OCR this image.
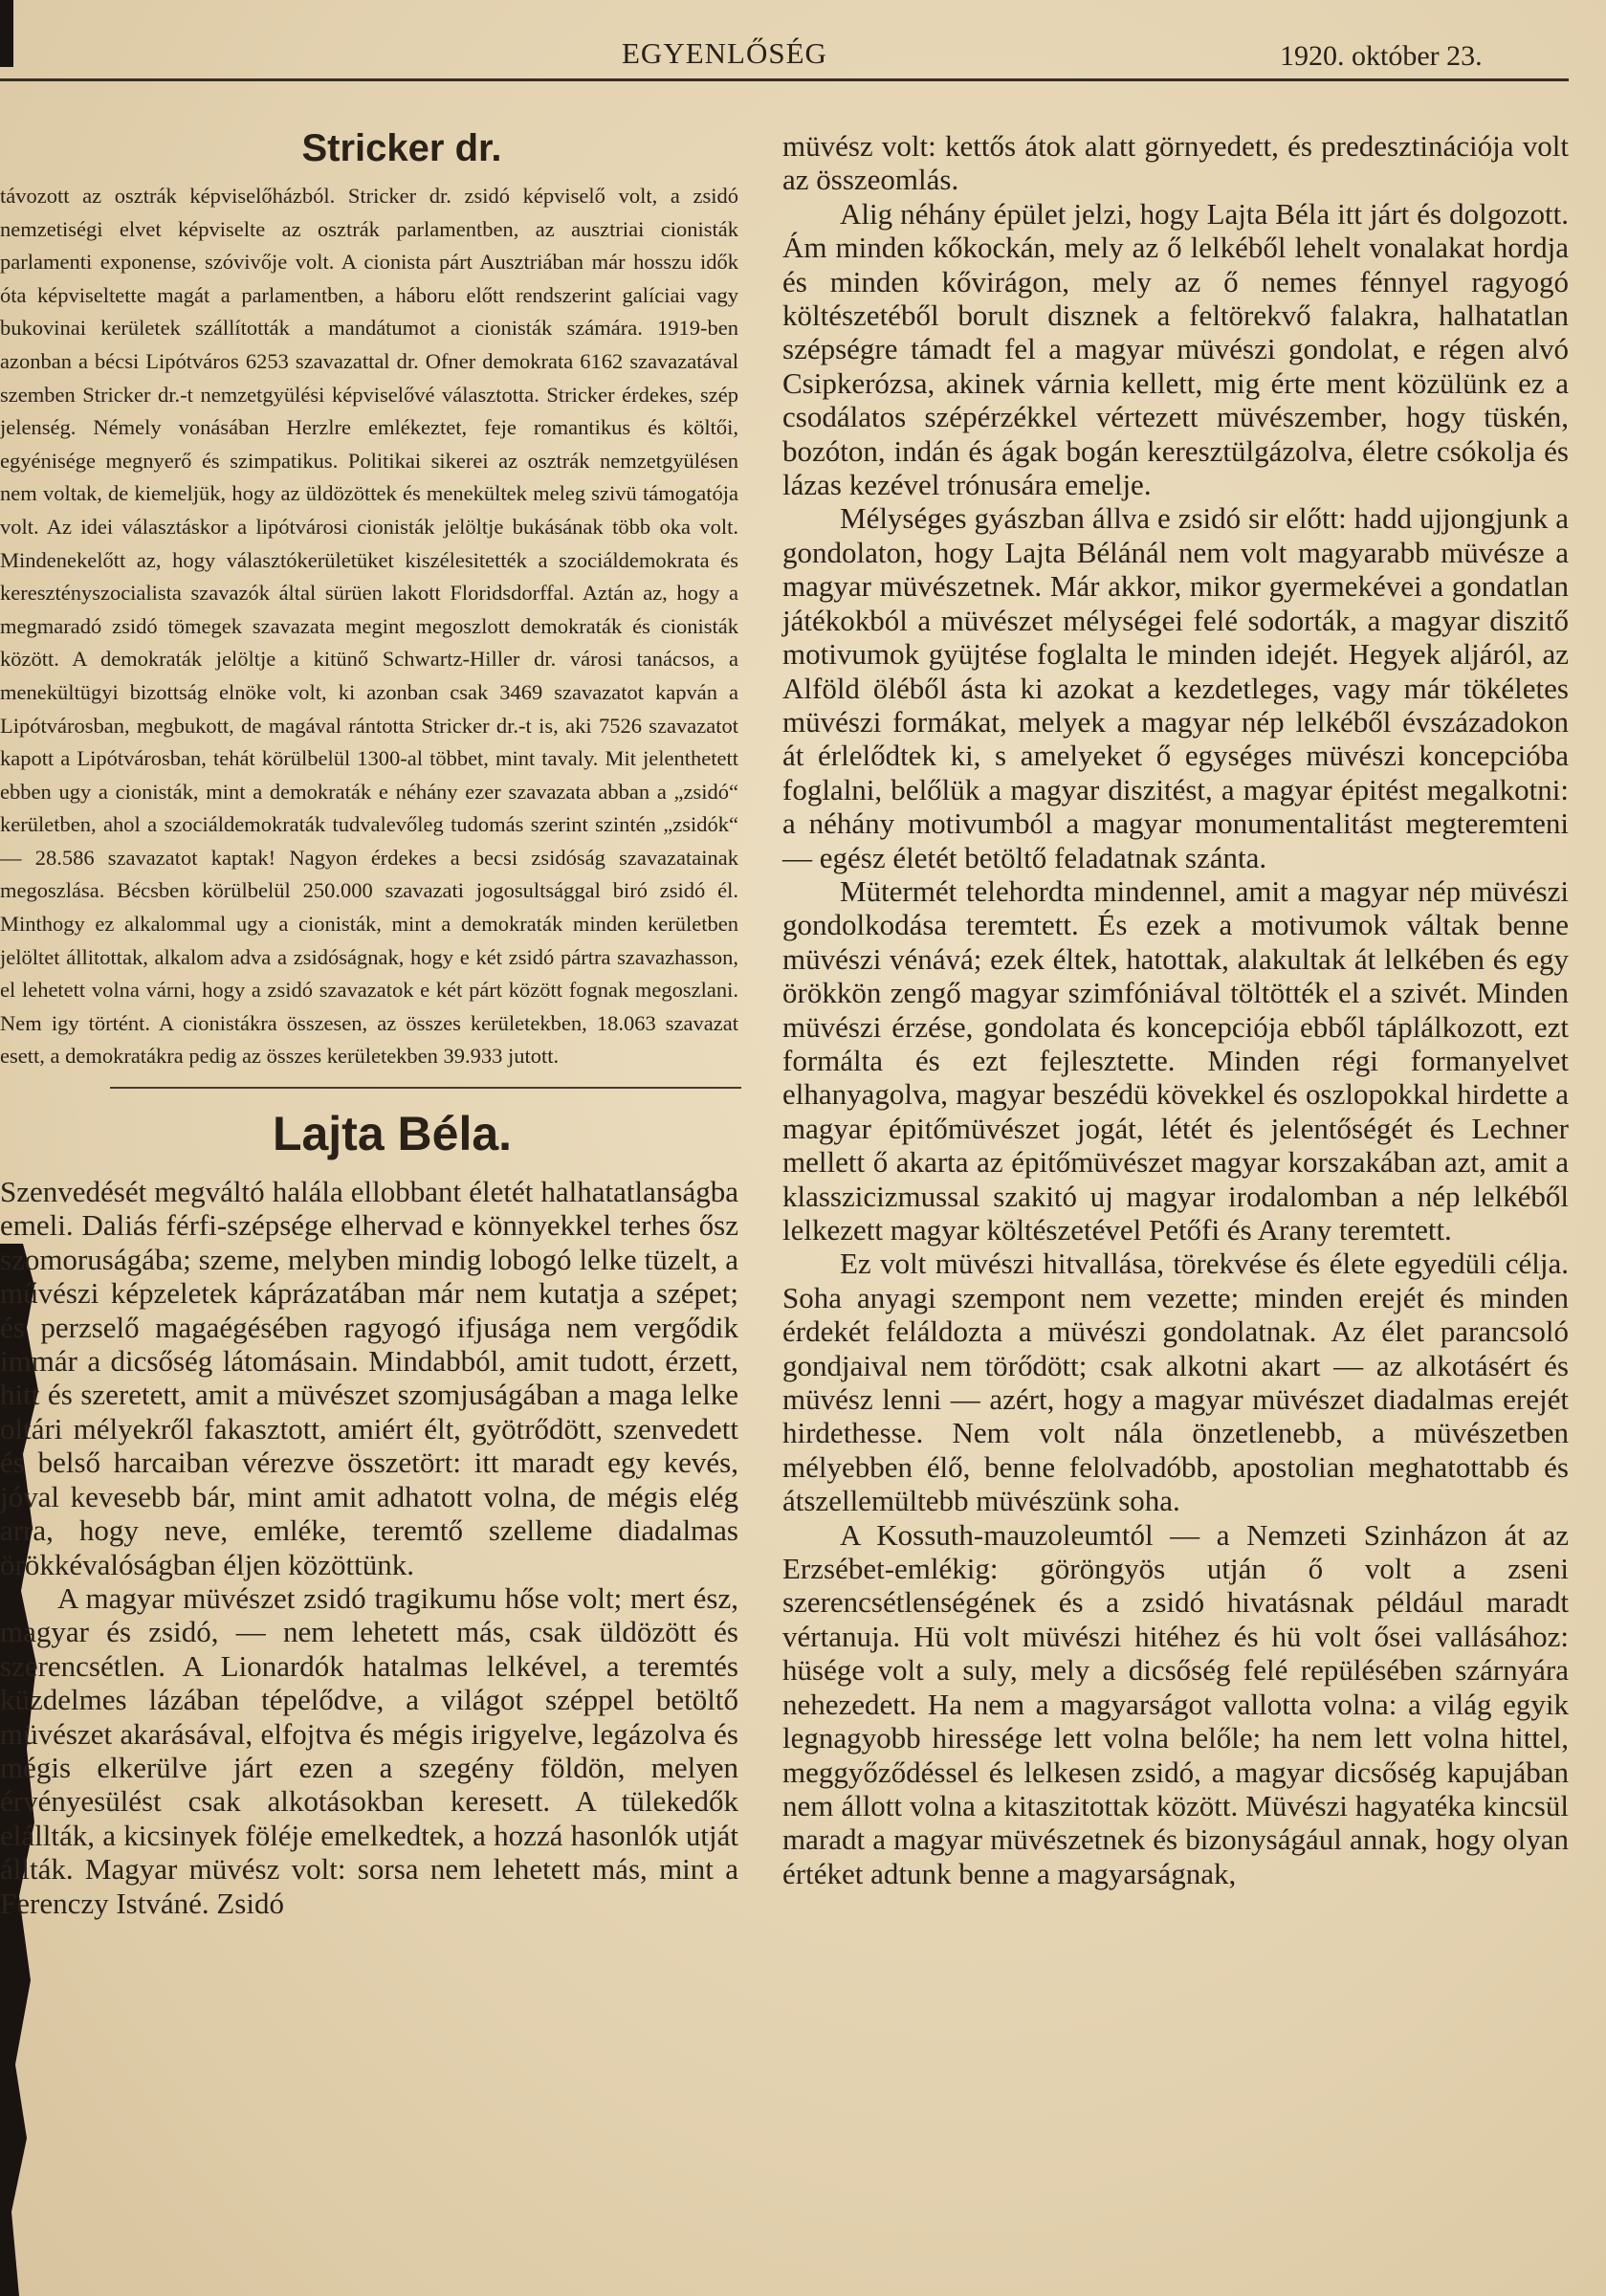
EGYENLŐSÉG	1920. október 23.
Stricker dr.

távozott az osztrák képviselőházból. Stricker dr. zsidó képviselő volt, a zsidó nemzetiségi elvet képviselte az osztrák parlamentben, az ausztriai cionisták parlamenti exponense, szóvivője volt. A cionista párt Ausztriában már hosszu idők óta képviseltette magát a parlamentben, a háboru előtt rendszerint galíciai vagy bukovinai kerületek szállították a mandátumot a cionisták számára. 1919-ben azonban a bécsi Lipótváros 6253 szavazattal dr. Ofner demokrata 6162 szavazatával szemben Stricker dr.-t nemzetgyülési képviselővé választotta. Stricker érdekes, szép jelenség. Némely vonásában Herzlre emlékeztet, feje romantikus és költői, egyénisége megnyerő és szimpatikus. Politikai sikerei az osztrák nemzetgyülésen nem voltak, de kiemeljük, hogy az üldözöttek és menekültek meleg szivü támogatója volt. Az idei választáskor a lipótvárosi cionisták jelöltje bukásának több oka volt. Mindenekelőtt az, hogy választókerületüket kiszélesitették a szociáldemokrata és keresztényszocialista szavazók által sürüen lakott Floridsdorffal. Aztán az, hogy a megmaradó zsidó tömegek szavazata megint megoszlott demokraták és cionisták között. A demokraták jelöltje a kitünő Schwartz-Hiller dr. városi tanácsos, a menekültügyi bizottság elnöke volt, ki azonban csak 3469 szavazatot kapván a Lipótvárosban, megbukott, de magával rántotta Stricker dr.-t is, aki 7526 szavazatot kapott a Lipótvárosban, tehát körülbelül 1300-al többet, mint tavaly. Mit jelenthetett ebben ugy a cionisták, mint a demokraták e néhány ezer szavazata abban a „zsidó“ kerületben, ahol a szociáldemokraták tudvalevőleg tudomás szerint szintén „zsidók“ — 28.586 szavazatot kaptak! Nagyon érdekes a becsi zsidóság szavazatainak megoszlása. Bécsben körülbelül 250.000 szavazati jogosultsággal biró zsidó él. Minthogy ez alkalommal ugy a cionisták, mint a demokraták minden kerületben jelöltet állitottak, alkalom adva a zsidóságnak, hogy e két zsidó pártra szavazhasson, el lehetett volna várni, hogy a zsidó szavazatok e két párt között fognak megoszlani. Nem igy történt. A cionistákra összesen, az összes kerületekben, 18.063 szavazat esett, a demokratákra pedig az összes kerületekben 39.933 jutott.

Lajta Béla.

Szenvedését megváltó halála ellobbant életét halhatatlanságba emeli. Daliás férfi-szépsége elhervad e könnyekkel terhes ősz szomoruságába; szeme, melyben mindig lobogó lelke tüzelt, a művészi képzeletek káprázatában már nem kutatja a szépet; és perzselő magaégésében ragyogó ifjusága nem vergődik immár a dicsőség látomásain. Mindabból, amit tudott, érzett, hitt és szeretett, amit a müvészet szomjuságában a maga lelke oltári mélyekről fakasztott, amiért élt, gyötrődött, szenvedett és belső harcaiban vérezve összetört: itt maradt egy kevés, jóval kevesebb bár, mint amit adhatott volna, de mégis elég arra, hogy neve, emléke, teremtő szelleme diadalmas örökkévalóságban éljen közöttünk.

A magyar müvészet zsidó tragikumu hőse volt; mert ész, magyar és zsidó, — nem lehetett más, csak üldözött és szerencsétlen. A Lionardók hatalmas lelkével, a teremtés küzdelmes lázában tépelődve, a világot széppel betöltő müvészet akarásával, elfojtva és mégis irigyelve, legázolva és mégis elkerülve járt ezen a szegény földön, melyen érvényesülést csak alkotásokban keresett. A tülekedők elállták, a kicsinyek föléje emelkedtek, a hozzá hasonlók utját állták. Magyar müvész volt: sorsa nem lehetett más, mint a Ferenczy Istváné. Zsidó

müvész volt: kettős átok alatt görnyedett, és predesztinációja volt az összeomlás.

Alig néhány épület jelzi, hogy Lajta Béla itt járt és dolgozott. Ám minden kőkockán, mely az ő lelkéből lehelt vonalakat hordja és minden kővirágon, mely az ő nemes fénnyel ragyogó költészetéből borult disznek a feltörekvő falakra, halhatatlan szépségre támadt fel a magyar müvészi gondolat, e régen alvó Csipkerózsa, akinek várnia kellett, mig érte ment közülünk ez a csodálatos szépérzékkel vértezett müvészember, hogy tüskén, bozóton, indán és ágak bogán keresztülgázolva, életre csókolja és lázas kezével trónusára emelje.

Mélységes gyászban állva e zsidó sir előtt: hadd ujjongjunk a gondolaton, hogy Lajta Bélánál nem volt magyarabb müvésze a magyar müvészetnek. Már akkor, mikor gyermekévei a gondatlan játékokból a müvészet mélységei felé sodorták, a magyar diszitő motivumok gyüjtése foglalta le minden idejét. Hegyek aljáról, az Alföld öléből ásta ki azokat a kezdetleges, vagy már tökéletes müvészi formákat, melyek a magyar nép lelkéből évszázadokon át érlelődtek ki, s amelyeket ő egységes müvészi koncepcióba foglalni, belőlük a magyar diszitést, a magyar épitést megalkotni: a néhány motivumból a magyar monumentalitást megteremteni — egész életét betöltő feladatnak szánta.

Mütermét telehordta mindennel, amit a magyar nép müvészi gondolkodása teremtett. És ezek a motivumok váltak benne müvészi vénává; ezek éltek, hatottak, alakultak át lelkében és egy örökkön zengő magyar szimfóniával töltötték el a szivét. Minden müvészi érzése, gondolata és koncepciója ebből táplálkozott, ezt formálta és ezt fejlesztette. Minden régi formanyelvet elhanyagolva, magyar beszédü kövekkel és oszlopokkal hirdette a magyar épitőmüvészet jogát, létét és jelentőségét és Lechner mellett ő akarta az épitőmüvészet magyar korszakában azt, amit a klasszicizmussal szakitó uj magyar irodalomban a nép lelkéből lelkezett magyar költészetével Petőfi és Arany teremtett.

Ez volt müvészi hitvallása, törekvése és élete egyedüli célja. Soha anyagi szempont nem vezette; minden erejét és minden érdekét feláldozta a müvészi gondolatnak. Az élet parancsoló gondjaival nem törődött; csak alkotni akart — az alkotásért és müvész lenni — azért, hogy a magyar müvészet diadalmas erejét hirdethesse. Nem volt nála önzetlenebb, a müvészetben mélyebben élő, benne felolvadóbb, apostolian meghatottabb és átszellemültebb müvészünk soha.

A Kossuth-mauzoleumtól — a Nemzeti Szinházon át az Erzsébet-emlékig: göröngyös utján ő volt a zseni szerencsétlenségének és a zsidó hivatásnak például maradt vértanuja. Hü volt müvészi hitéhez és hü volt ősei vallásához: hüsége volt a suly, mely a dicsőség felé repülésében szárnyára nehezedett. Ha nem a magyarságot vallotta volna: a világ egyik legnagyobb hiressége lett volna belőle; ha nem lett volna hittel, meggyőződéssel és lelkesen zsidó, a magyar dicsőség kapujában nem állott volna a kitaszitottak között. Müvészi hagyatéka kincsül maradt a magyar müvészetnek és bizonyságául annak, hogy olyan értéket adtunk benne a magyarságnak,
